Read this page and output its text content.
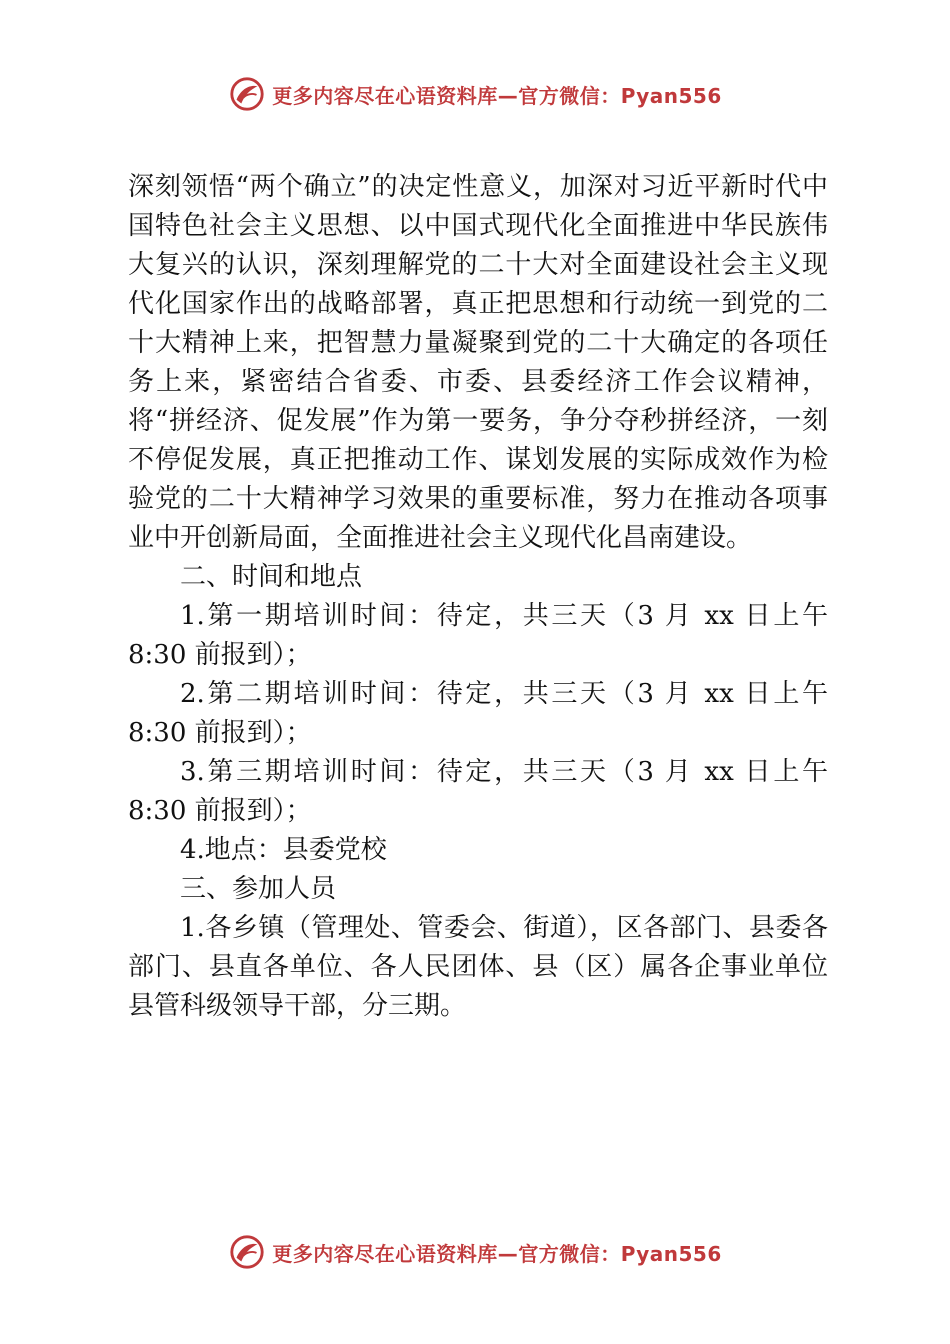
更多内容尽在心语资料库—官方微信：Pyan556

深刻领悟“两个确立”的决定性意义，加深对习近平新时代中国特色社会主义思想、以中国式现代化全面推进中华民族伟大复兴的认识，深刻理解党的二十大对全面建设社会主义现代化国家作出的战略部署，真正把思想和行动统一到党的二十大精神上来，把智慧力量凝聚到党的二十大确定的各项任务上来，紧密结合省委、市委、县委经济工作会议精神，将“拼经济、促发展”作为第一要务，争分夺秒拼经济，一刻不停促发展，真正把推动工作、谋划发展的实际成效作为检验党的二十大精神学习效果的重要标准，努力在推动各项事业中开创新局面，全面推进社会主义现代化昌南建设。

二、时间和地点

1.第一期培训时间：待定，共三天（3 月 xx 日上午 8:30 前报到）；

2.第二期培训时间：待定，共三天（3 月 xx 日上午 8:30 前报到）；

3.第三期培训时间：待定，共三天（3 月 xx 日上午 8:30 前报到）；

4.地点：县委党校

三、参加人员

1.各乡镇（管理处、管委会、街道），区各部门、县委各部门、县直各单位、各人民团体、县（区）属各企事业单位县管科级领导干部，分三期。

更多内容尽在心语资料库—官方微信：Pyan556
